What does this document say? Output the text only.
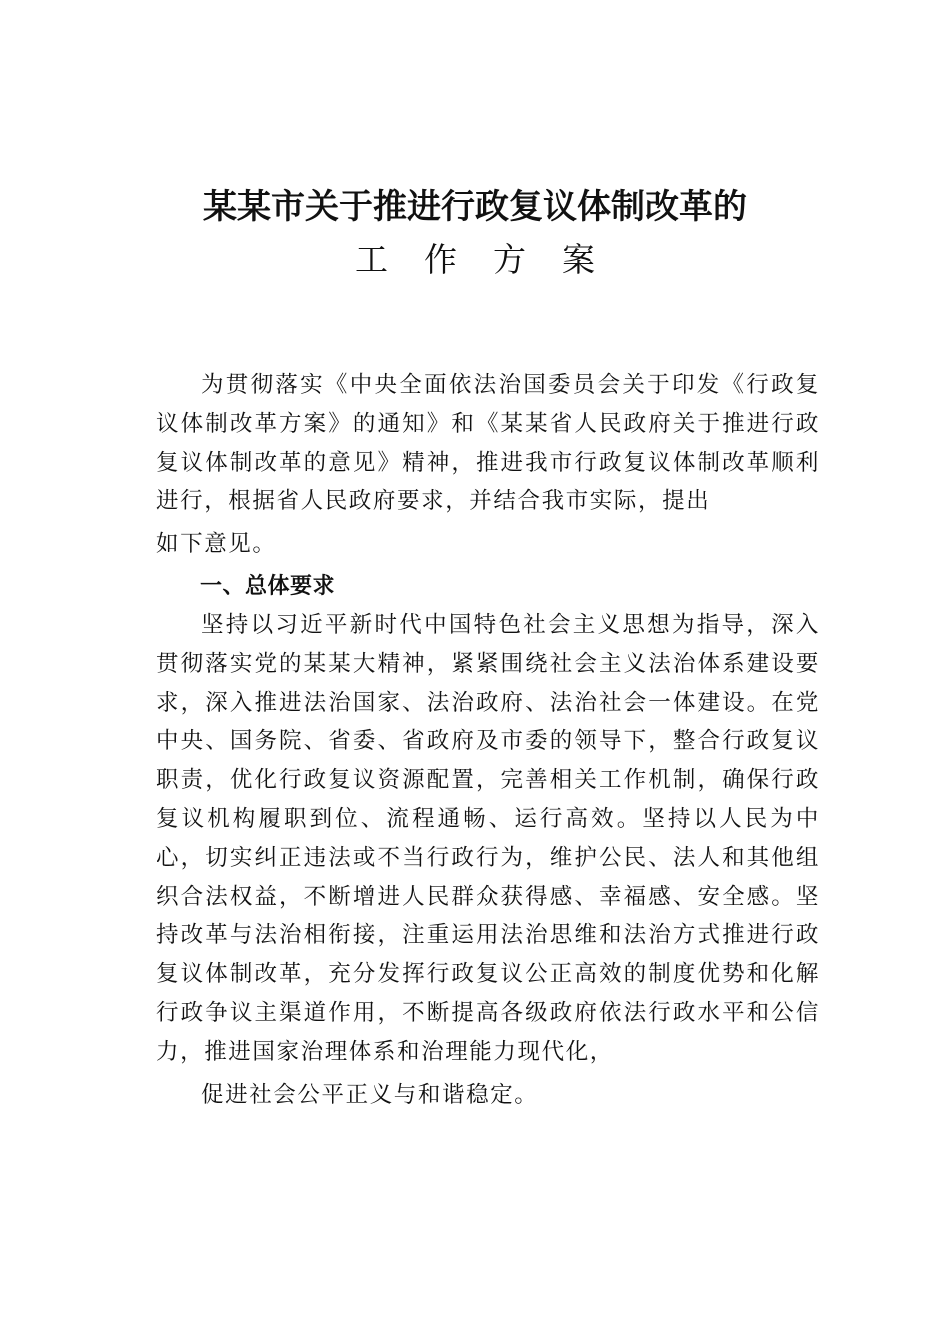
某某市关于推进行政复议体制改革的
工作方案

为贯彻落实《中央全面依法治国委员会关于印发《行政复议体制改革方案》的通知》和《某某省人民政府关于推进行政复议体制改革的意见》精神，推进我市行政复议体制改革顺利进行，根据省人民政府要求，并结合我市实际，提出
如下意见。

一、总体要求

坚持以习近平新时代中国特色社会主义思想为指导，深入贯彻落实党的某某大精神，紧紧围绕社会主义法治体系建设要求，深入推进法治国家、法治政府、法治社会一体建设。在党中央、国务院、省委、省政府及市委的领导下，整合行政复议职责，优化行政复议资源配置，完善相关工作机制，确保行政复议机构履职到位、流程通畅、运行高效。坚持以人民为中心，切实纠正违法或不当行政行为，维护公民、法人和其他组织合法权益，不断增进人民群众获得感、幸福感、安全感。坚持改革与法治相衔接，注重运用法治思维和法治方式推进行政复议体制改革，充分发挥行政复议公正高效的制度优势和化解行政争议主渠道作用，不断提高各级政府依法行政水平和公信力，推进国家治理体系和治理能力现代化，
促进社会公平正义与和谐稳定。
